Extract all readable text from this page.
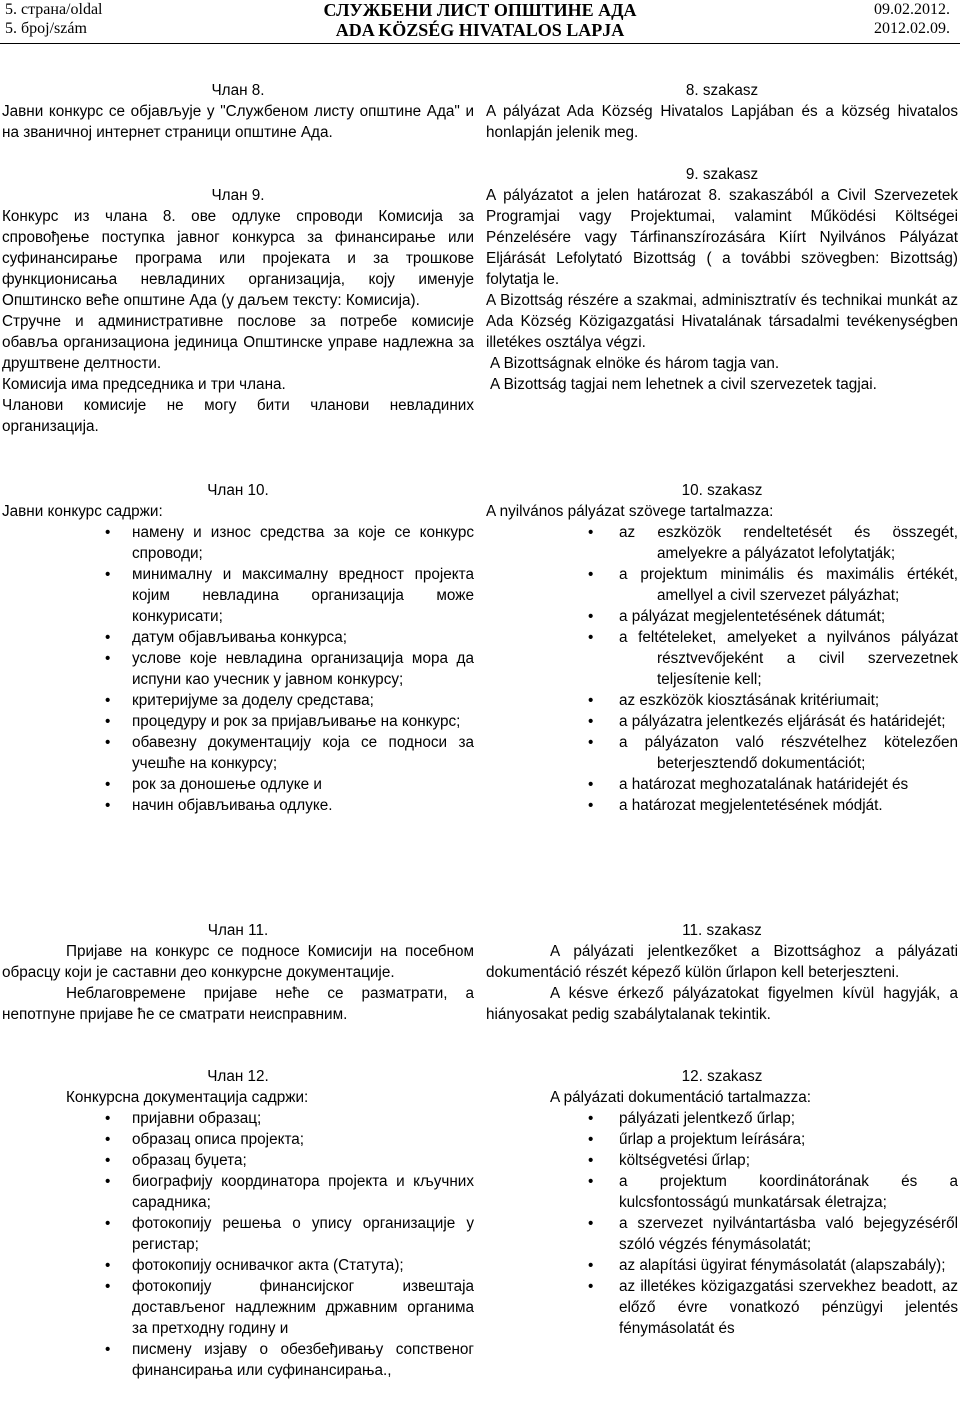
5. страна/oldal
5. број/szám
СЛУЖБЕНИ ЛИСТ ОПШТИНЕ АДА
ADA KÖZSÉG HIVATALOS LAPJA
09.02.2012.
2012.02.09.
Члан 8.
Јавни конкурс се објављује у "Службеном листу општине Ада" и на званичној интернет страници општине Ада.
Члан 9.
Конкурс из члана 8. ове одлуке спроводи Комисија за спровођење поступка јавног конкурса за финансирање или суфинансирање програма или пројеката и за трошкове функционисања невладиних организација, коју именује Општинско веће општине Ада (у даљем тексту: Комисија).
Стручне и административне послове за потребе комисије обавља организациона јединица Општинске управе надлежна за друштвене делтности.
Комисија има председника и три члана.
Чланови комисије не могу бити чланови невладиних организација.
Члан 10.
Јавни конкурс садржи:
• намену и износ средства за које се конкурс спроводи;
• минималну и максималну вредност пројекта којим невладина организација може конкурисати;
• датум објављивања конкурса;
• услове које невладина организација мора да испуни као учесник у јавном конкурсу;
• критеријуме за доделу средстава;
• процедуру и рок за пријављивање на конкурс;
• обавезну документацију која се подноси за учешће на конкурсу;
• рок за доношење одлуке и
• начин објављивања одлуке.
Члан 11.
Пријаве на конкурс се подносе Комисији на посебном обрасцу који је саставни део конкурсне документације.
Неблаговремене пријаве неће се разматрати, а непотпуне пријаве ће се сматрати неисправним.
Члан 12.
Конкурсна документација садржи:
• пријавни образац;
• образац описа пројекта;
• образац буџета;
• биографију координатора пројекта и кључних сарадника;
• фотокопију решења о упису организације у регистар;
• фотокопију оснивачког акта (Статута);
• фотокопију финансијског извештаја достављеног надлежним државним органима за претходну годину и
• писмену изјаву о обезбеђивању сопственог финансирања или суфинансирања.,
8. szakasz
A pályázat Ada Község Hivatalos Lapjában és a község hivatalos honlapján jelenik meg.
9. szakasz
A pályázatot a jelen határozat 8. szakaszából a Civil Szervezetek Programjai vagy Projektumai, valamint Működési Költségei Pénzelésére vagy Tárfinanszírozására Kiírt Nyilvános Pályázat Eljárását Lefolytató Bizottság ( a további szövegben: Bizottság) folytatja le.
A Bizottság részére a szakmai, adminisztratív és technikai munkát az Ada Község Közigazgatási Hivatalának társadalmi tevékenységben illetékes osztálya végzi.
A Bizottságnak elnöke és három tagja van.
A Bizottság tagjai nem lehetnek a civil szervezetek tagjai.
10. szakasz
A nyilvános pályázat szövege tartalmazza:
• az eszközök rendeltetését és összegét, amelyekre a pályázatot lefolytatják;
• a projektum minimális és maximális értékét, amellyel a civil szervezet pályázhat;
• a pályázat megjelentetésének dátumát;
• a feltételeket, amelyeket a nyilvános pályázat résztvevőjeként a civil szervezetnek teljesítenie kell;
• az eszközök kiosztásának kritériumait;
• a pályázatra jelentkezés eljárását és határidejét;
• a pályázaton való részvételhez kötelezően beterjesztendő dokumentációt;
• a határozat meghozatalának határidejét és
• a határozat megjelentetésének módját.
11. szakasz
A pályázati jelentkezőket a Bizottsághoz a pályázati dokumentáció részét képező külön űrlapon kell beterjeszteni.
A késve érkező pályázatokat figyelmen kívül hagyják, a hiányosakat pedig szabálytalanak tekintik.
12. szakasz
A pályázati dokumentáció tartalmazza:
• pályázati jelentkező űrlap;
• űrlap a projektum leírására;
• költségvetési űrlap;
• a projektum koordinátorának és a kulcsfontosságú munkatársak életrajza;
• a szervezet nyilvántartásba való bejegyzéséről szóló végzés fénymásolatát;
• az alapítási ügyirat fénymásolatát (alapszabály);
• az illetékes közigazgatási szervekhez beadott, az előző évre vonatkozó pénzügyi jelentés fénymásolatát és
